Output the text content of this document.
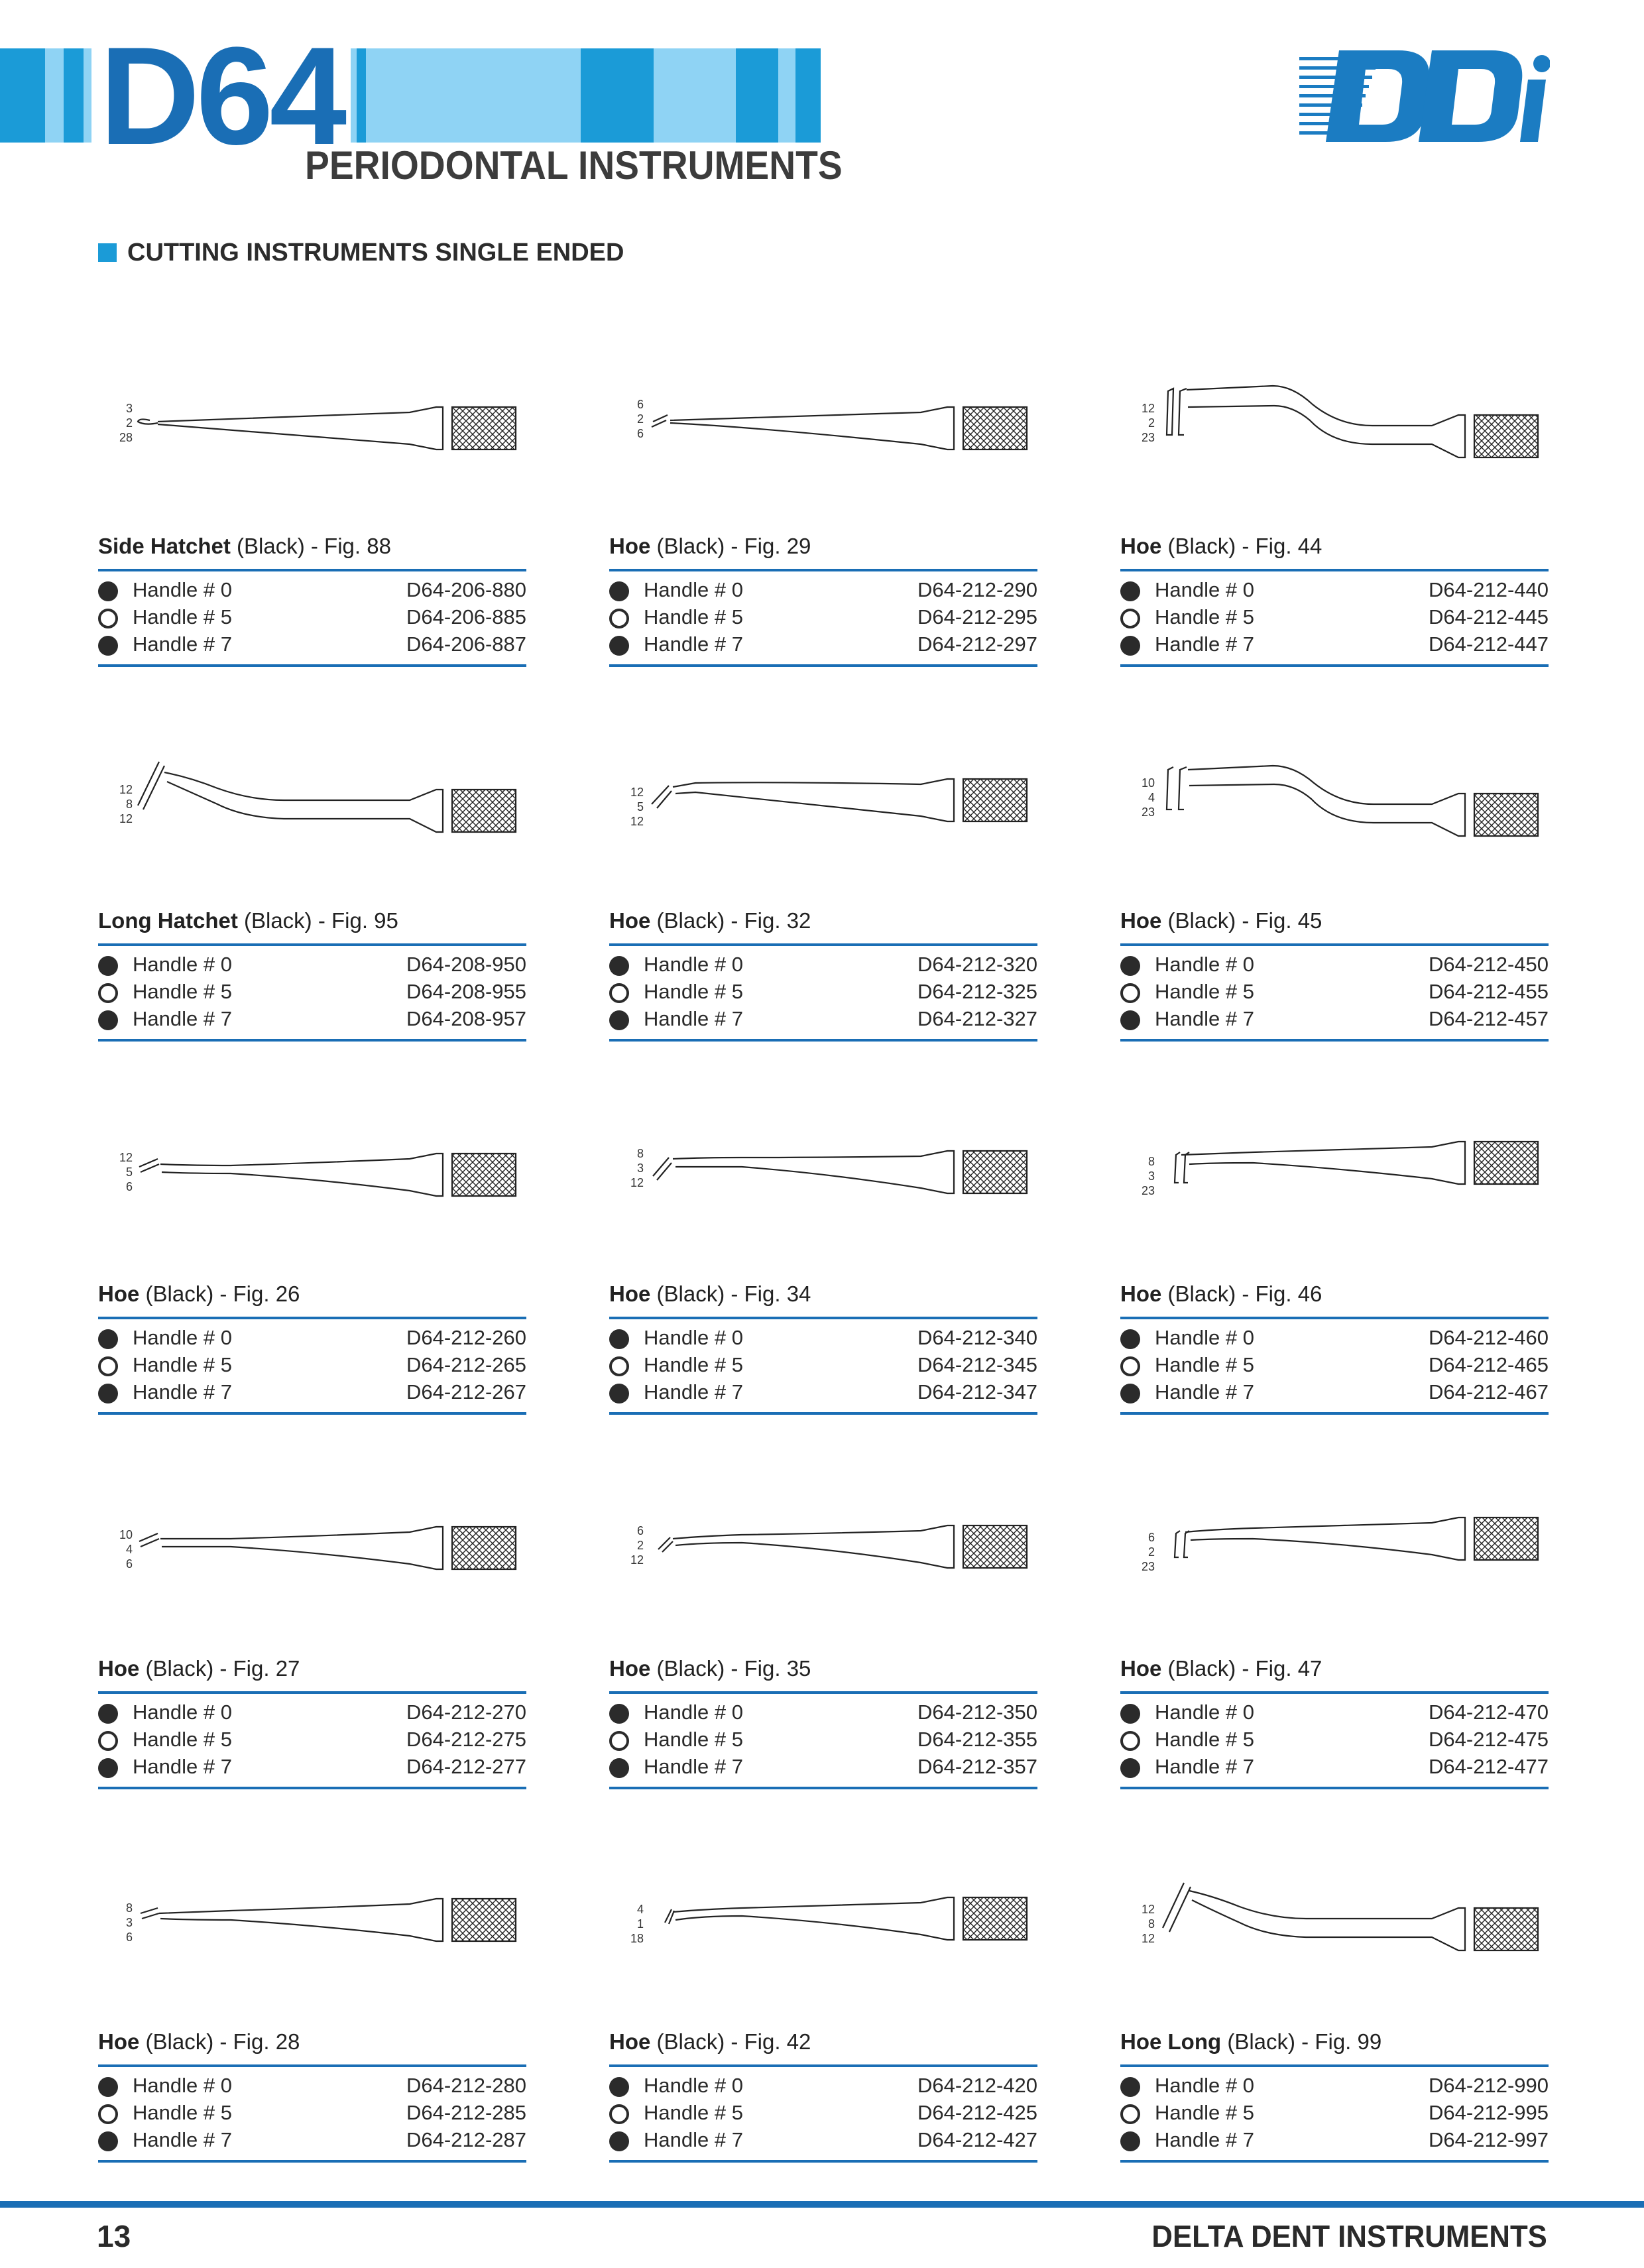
D64
PERIODONTAL INSTRUMENTS
CUTTING INSTRUMENTS SINGLE ENDED
3
2
28
Side Hatchet (Black) - Fig. 88
Handle # 0	D64-206-880
Handle # 5	D64-206-885
Handle # 7	D64-206-887
6
2
6
Hoe (Black) - Fig. 29
Handle # 0	D64-212-290
Handle # 5	D64-212-295
Handle # 7	D64-212-297
12
2
23
Hoe (Black) - Fig. 44
Handle # 0	D64-212-440
Handle # 5	D64-212-445
Handle # 7	D64-212-447
12
8
12
Long Hatchet (Black) - Fig. 95
Handle # 0	D64-208-950
Handle # 5	D64-208-955
Handle # 7	D64-208-957
12
5
12
Hoe (Black) - Fig. 32
Handle # 0	D64-212-320
Handle # 5	D64-212-325
Handle # 7	D64-212-327
10
4
23
Hoe (Black) - Fig. 45
Handle # 0	D64-212-450
Handle # 5	D64-212-455
Handle # 7	D64-212-457
12
5
6
Hoe (Black) - Fig. 26
Handle # 0	D64-212-260
Handle # 5	D64-212-265
Handle # 7	D64-212-267
8
3
12
Hoe (Black) - Fig. 34
Handle # 0	D64-212-340
Handle # 5	D64-212-345
Handle # 7	D64-212-347
8
3
23
Hoe (Black) - Fig. 46
Handle # 0	D64-212-460
Handle # 5	D64-212-465
Handle # 7	D64-212-467
10
4
6
Hoe (Black) - Fig. 27
Handle # 0	D64-212-270
Handle # 5	D64-212-275
Handle # 7	D64-212-277
6
2
12
Hoe (Black) - Fig. 35
Handle # 0	D64-212-350
Handle # 5	D64-212-355
Handle # 7	D64-212-357
6
2
23
Hoe (Black) - Fig. 47
Handle # 0	D64-212-470
Handle # 5	D64-212-475
Handle # 7	D64-212-477
8
3
6
Hoe (Black) - Fig. 28
Handle # 0	D64-212-280
Handle # 5	D64-212-285
Handle # 7	D64-212-287
4
1
18
Hoe (Black) - Fig. 42
Handle # 0	D64-212-420
Handle # 5	D64-212-425
Handle # 7	D64-212-427
12
8
12
Hoe Long (Black) - Fig. 99
Handle # 0	D64-212-990
Handle # 5	D64-212-995
Handle # 7	D64-212-997
13	DELTA DENT INSTRUMENTS
